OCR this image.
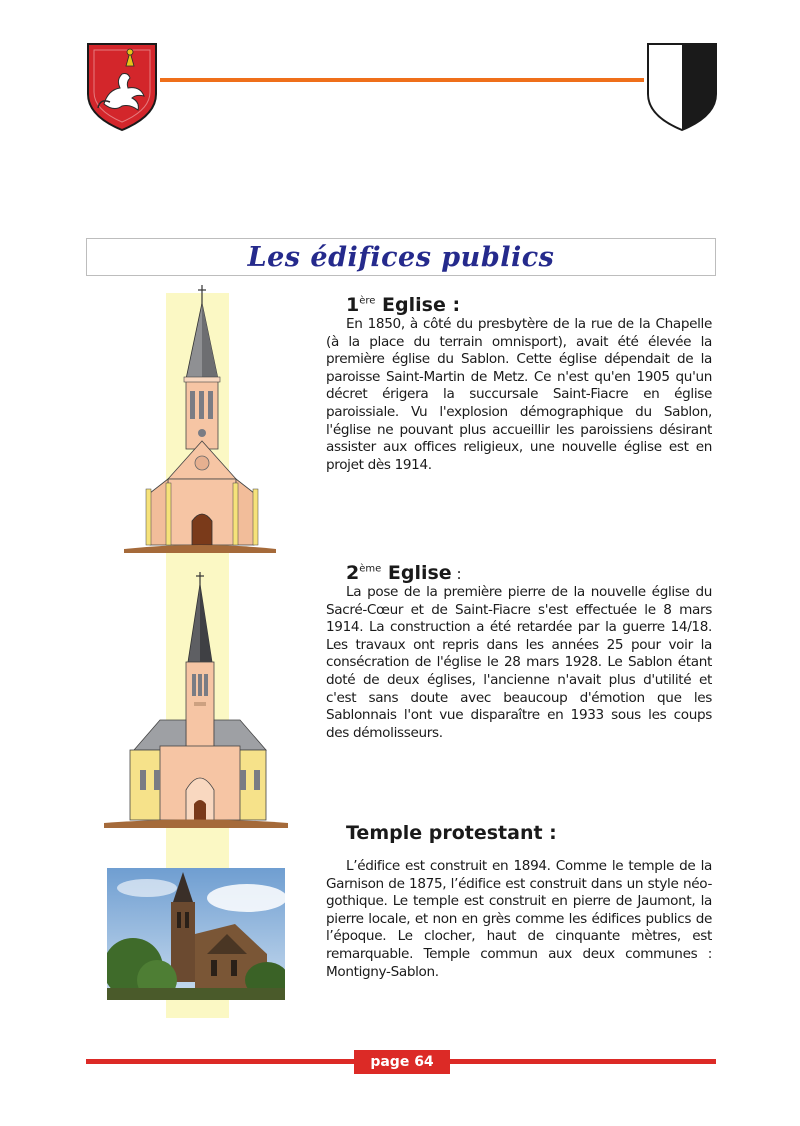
Les édifices publics
1ère Eglise :

En 1850, à côté du presbytère de la rue de la Chapelle (à la place du terrain omnisport), avait été élevée la première église du Sablon. Cette église dépendait de la paroisse Saint-Martin de Metz. Ce n'est qu'en 1905 qu'un décret érigera la succursale Saint-Fiacre en église paroissiale. Vu l'explosion démographique du Sablon, l'église ne pouvant plus accueillir les paroissiens désirant assister aux offices religieux, une nouvelle église est en projet dès 1914.

2ème Eglise :

La pose de la première pierre de la nouvelle église du Sacré-Cœur et de Saint-Fiacre s'est effectuée le 8 mars 1914. La construction a été retardée par la guerre 14/18. Les travaux ont repris dans les années 25 pour voir la consécration de l'église le 28 mars 1928. Le Sablon étant doté de deux églises, l'ancienne n'avait plus d'utilité et c'est sans doute avec beaucoup d'émotion que les Sablonnais l'ont vue disparaître en 1933 sous les coups des démolisseurs.

Temple protestant :

L’édifice est construit en 1894. Comme le temple de la Garnison de 1875, l’édifice est construit dans un style néo-gothique. Le temple est construit en pierre de Jaumont, la pierre locale, et non en grès comme les édifices publics de l’époque. Le clocher, haut de cinquante mètres, est remarquable. Temple commun aux deux communes : Montigny-Sablon.

page 64
